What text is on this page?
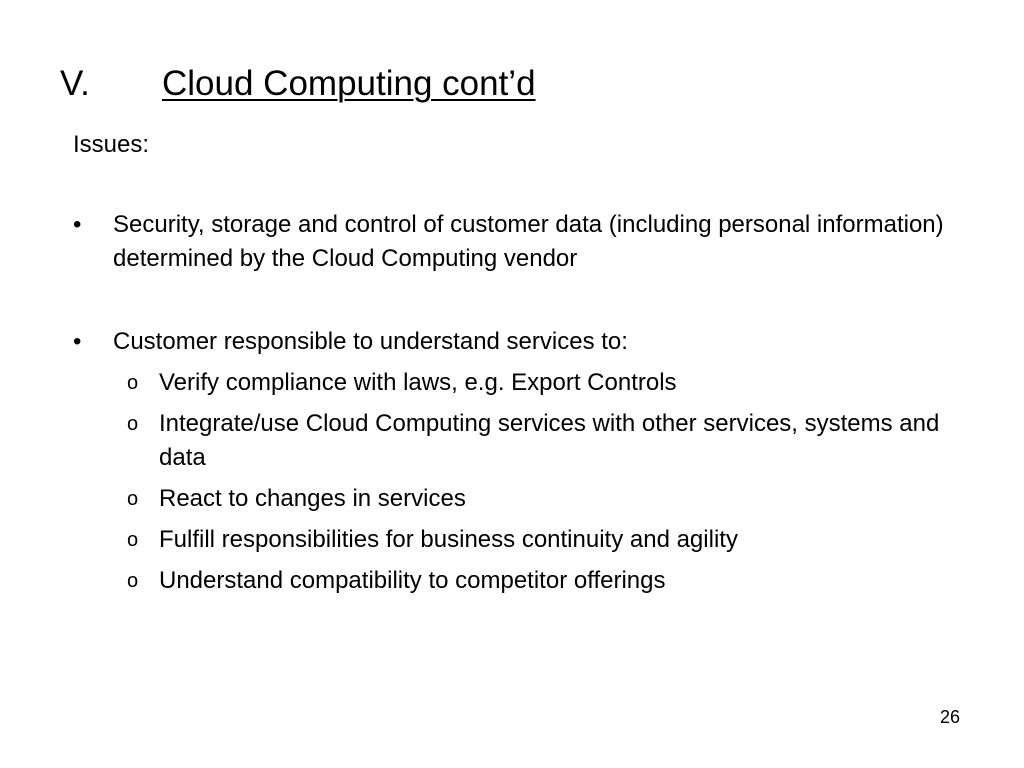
V. Cloud Computing cont’d
Issues:
•	Security, storage and control of customer data (including personal information) determined by the Cloud Computing vendor
•	Customer responsible to understand services to:
o Verify compliance with laws, e.g. Export Controls
o Integrate/use Cloud Computing services with other services, systems and data
o React to changes in services
o Fulfill responsibilities for business continuity and agility
o Understand compatibility to competitor offerings
26
